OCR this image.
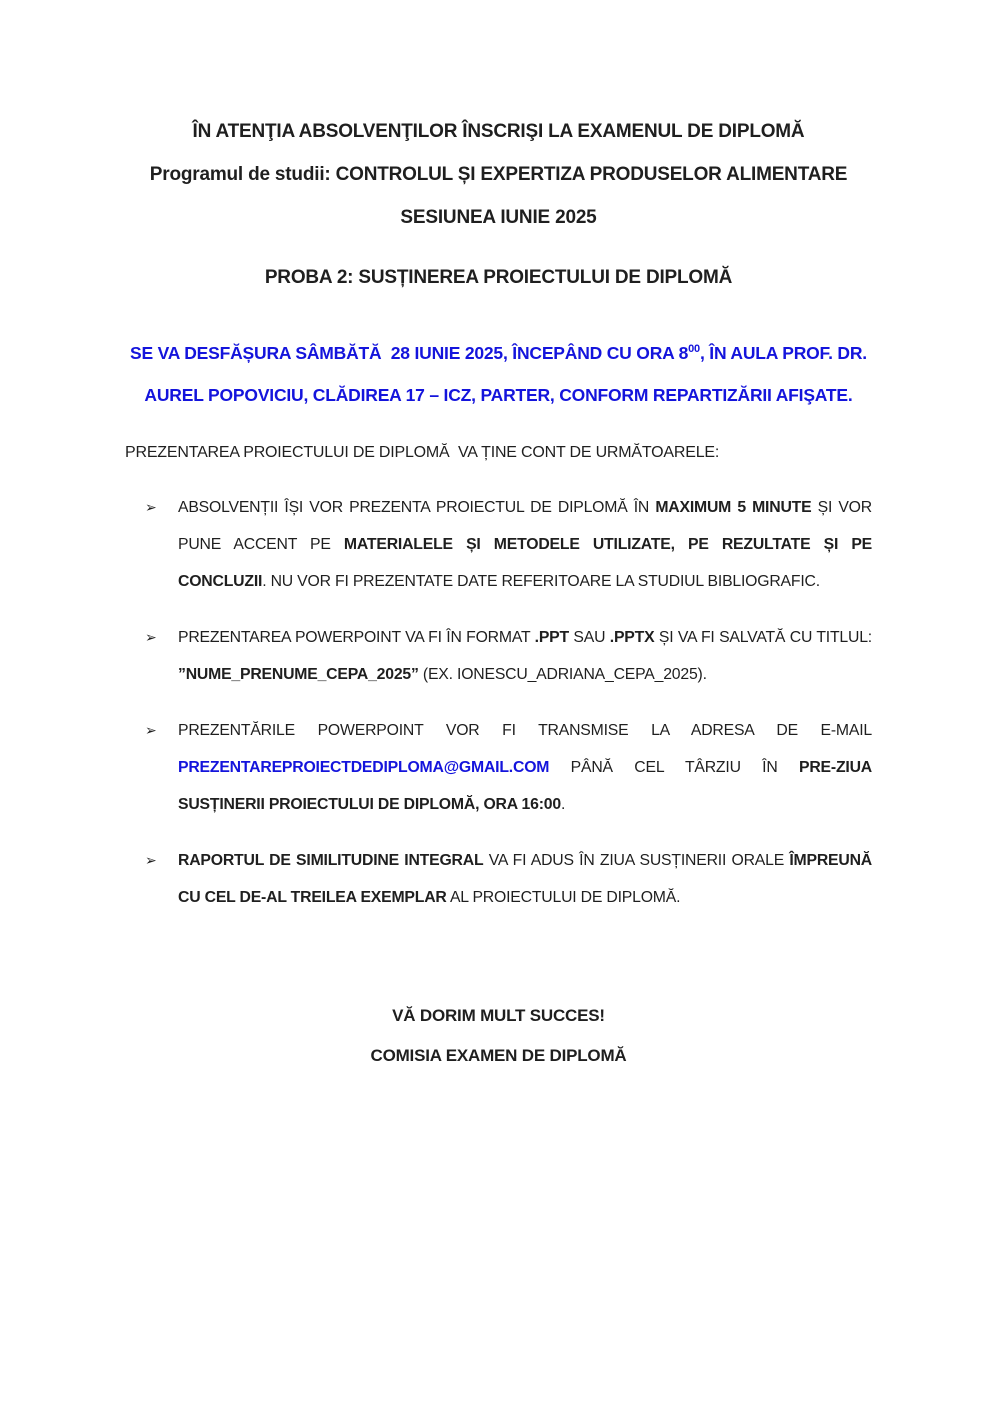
ÎN ATENŢIA ABSOLVENŢILOR ÎNSCRIŞI LA EXAMENUL DE DIPLOMĂ
Programul de studii: CONTROLUL ȘI EXPERTIZA PRODUSELOR ALIMENTARE
SESIUNEA IUNIE 2025
PROBA 2: SUSȚINEREA PROIECTULUI DE DIPLOMĂ

SE VA DESFĂȘURA SÂMBĂTĂ  28 IUNIE 2025, ÎNCEPÂND CU ORA $8^{00}$, ÎN AULA PROF. DR. AUREL POPOVICIU, CLĂDIREA 17 – ICZ, PARTER, CONFORM REPARTIZĂRII AFIŞATE.

PREZENTAREA PROIECTULUI DE DIPLOMĂ  VA ȚINE CONT DE URMĂTOARELE:

➢ ABSOLVENȚII ÎȘI VOR PREZENTA PROIECTUL DE DIPLOMĂ ÎN MAXIMUM 5 MINUTE ȘI VOR PUNE ACCENT PE MATERIALELE ȘI METODELE UTILIZATE, PE REZULTATE ȘI PE CONCLUZII. NU VOR FI PREZENTATE DATE REFERITOARE LA STUDIUL BIBLIOGRAFIC.
➢ PREZENTAREA POWERPOINT VA FI ÎN FORMAT .PPT SAU .PPTX ȘI VA FI SALVATĂ CU TITLUL: ”NUME_PRENUME_CEPA_2025” (EX. IONESCU_ADRIANA_CEPA_2025).
➢ PREZENTĂRILE POWERPOINT VOR FI TRANSMISE LA ADRESA DE E-MAIL PREZENTAREPROIECTDEDIPLOMA@GMAIL.COM PÂNĂ CEL TÂRZIU ÎN PRE-ZIUA SUSȚINERII PROIECTULUI DE DIPLOMĂ, ORA 16:00.
➢ RAPORTUL DE SIMILITUDINE INTEGRAL VA FI ADUS ÎN ZIUA SUSȚINERII ORALE ÎMPREUNĂ CU CEL DE-AL TREILEA EXEMPLAR AL PROIECTULUI DE DIPLOMĂ.

VĂ DORIM MULT SUCCES!

COMISIA EXAMEN DE DIPLOMĂ
